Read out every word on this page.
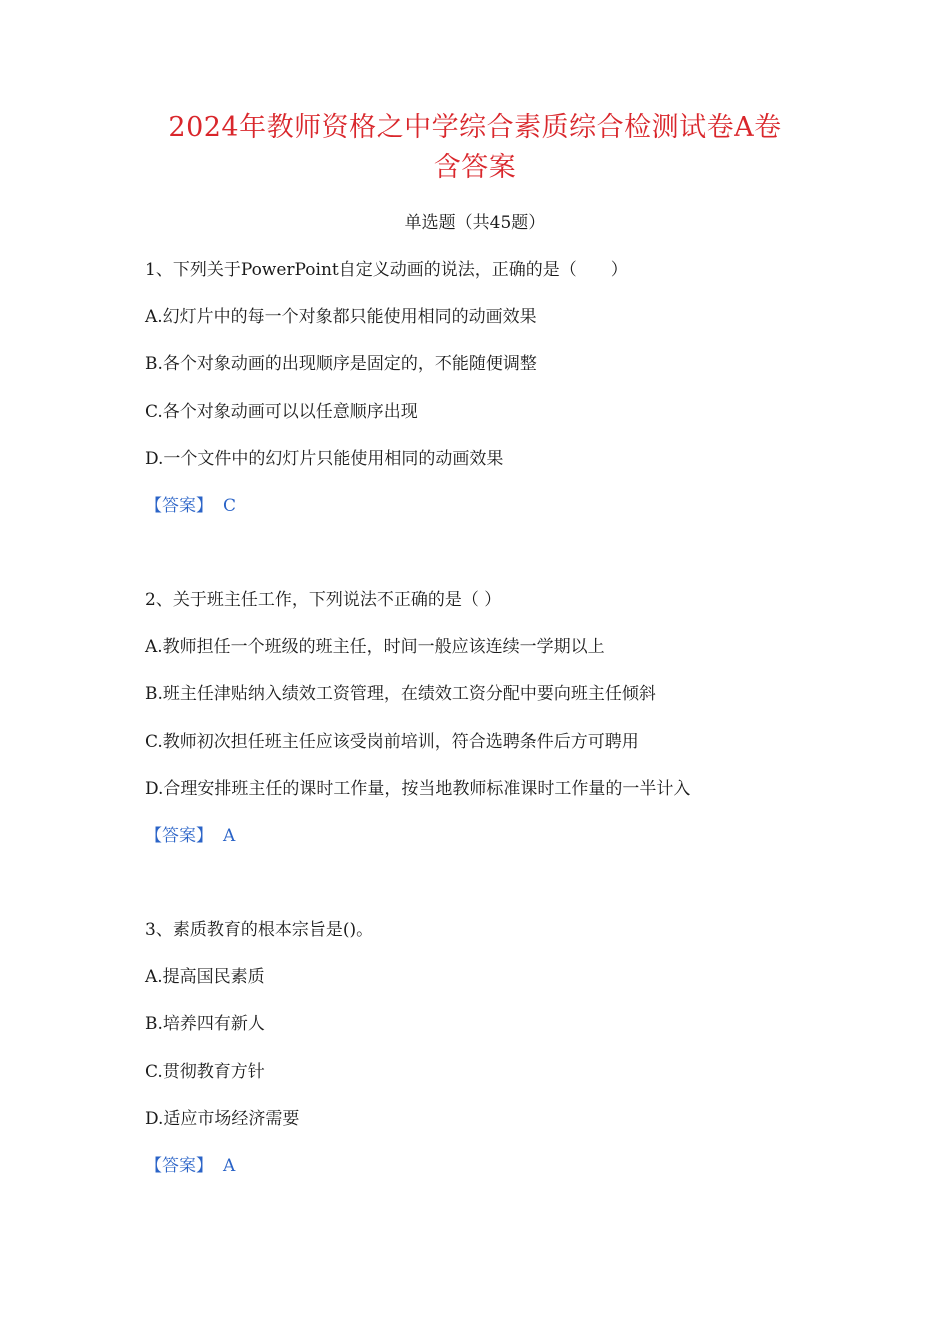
2024年教师资格之中学综合素质综合检测试卷A卷
含答案
单选题（共45题）
1、下列关于PowerPoint自定义动画的说法，正确的是（　　）
A.幻灯片中的每一个对象都只能使用相同的动画效果
B.各个对象动画的出现顺序是固定的，不能随便调整
C.各个对象动画可以以任意顺序出现
D.一个文件中的幻灯片只能使用相同的动画效果
【答案】 C
2、关于班主任工作，下列说法不正确的是（ ）
A.教师担任一个班级的班主任，时间一般应该连续一学期以上
B.班主任津贴纳入绩效工资管理，在绩效工资分配中要向班主任倾斜
C.教师初次担任班主任应该受岗前培训，符合选聘条件后方可聘用
D.合理安排班主任的课时工作量，按当地教师标准课时工作量的一半计入
【答案】 A
3、素质教育的根本宗旨是()。
A.提高国民素质
B.培养四有新人
C.贯彻教育方针
D.适应市场经济需要
【答案】 A
